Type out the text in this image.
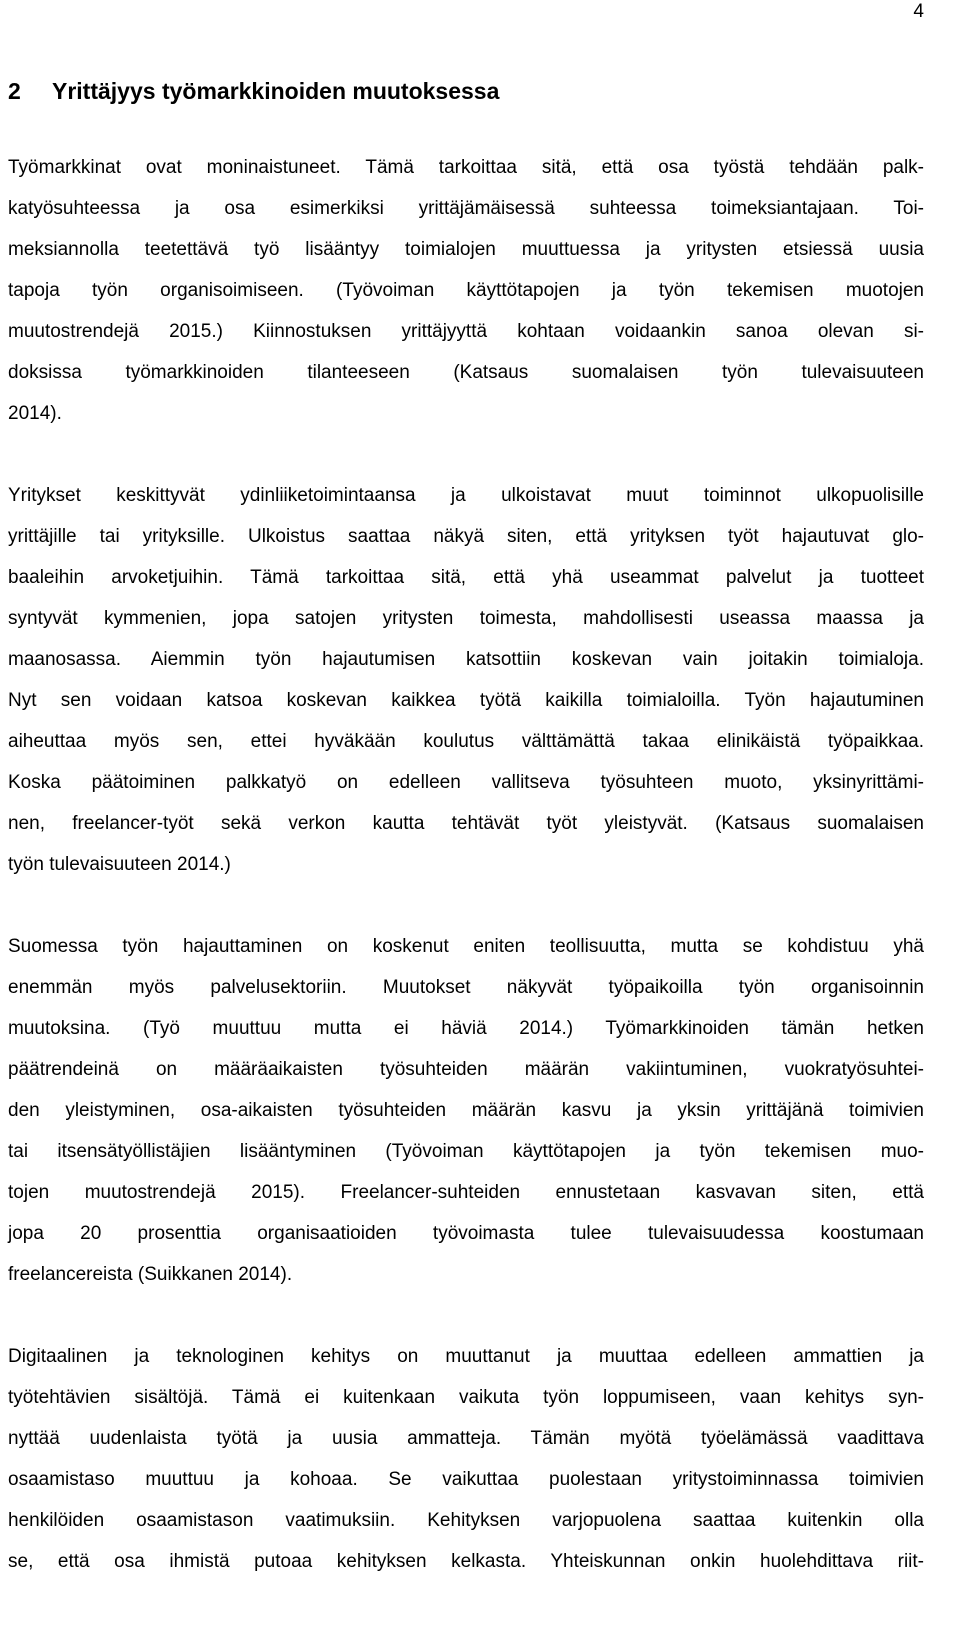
4
2 Yrittäjyys työmarkkinoiden muutoksessa

Työmarkkinat ovat moninaistuneet. Tämä tarkoittaa sitä, että osa työstä tehdään palk-
katyösuhteessa ja osa esimerkiksi yrittäjämäisessä suhteessa toimeksiantajaan. Toi-
meksiannolla teetettävä työ lisääntyy toimialojen muuttuessa ja yritysten etsiessä uusia
tapoja työn organisoimiseen. (Työvoiman käyttötapojen ja työn tekemisen muotojen
muutostrendejä 2015.) Kiinnostuksen yrittäjyyttä kohtaan voidaankin sanoa olevan si-
doksissa työmarkkinoiden tilanteeseen (Katsaus suomalaisen työn tulevaisuuteen
2014).

Yritykset keskittyvät ydinliiketoimintaansa ja ulkoistavat muut toiminnot ulkopuolisille
yrittäjille tai yrityksille. Ulkoistus saattaa näkyä siten, että yrityksen työt hajautuvat glo-
baaleihin arvoketjuihin. Tämä tarkoittaa sitä, että yhä useammat palvelut ja tuotteet
syntyvät kymmenien, jopa satojen yritysten toimesta, mahdollisesti useassa maassa ja
maanosassa. Aiemmin työn hajautumisen katsottiin koskevan vain joitakin toimialoja.
Nyt sen voidaan katsoa koskevan kaikkea työtä kaikilla toimialoilla. Työn hajautuminen
aiheuttaa myös sen, ettei hyväkään koulutus välttämättä takaa elinikäistä työpaikkaa.
Koska päätoiminen palkkatyö on edelleen vallitseva työsuhteen muoto, yksinyrittämi-
nen, freelancer-työt sekä verkon kautta tehtävät työt yleistyvät. (Katsaus suomalaisen
työn tulevaisuuteen 2014.)

Suomessa työn hajauttaminen on koskenut eniten teollisuutta, mutta se kohdistuu yhä
enemmän myös palvelusektoriin. Muutokset näkyvät työpaikoilla työn organisoinnin
muutoksina. (Työ muuttuu mutta ei häviä 2014.) Työmarkkinoiden tämän hetken
päätrendeinä on määräaikaisten työsuhteiden määrän vakiintuminen, vuokratyösuhtei-
den yleistyminen, osa-aikaisten työsuhteiden määrän kasvu ja yksin yrittäjänä toimivien
tai itsensätyöllistäjien lisääntyminen (Työvoiman käyttötapojen ja työn tekemisen muo-
tojen muutostrendejä 2015). Freelancer-suhteiden ennustetaan kasvavan siten, että
jopa 20 prosenttia organisaatioiden työvoimasta tulee tulevaisuudessa koostumaan
freelancereista (Suikkanen 2014).

Digitaalinen ja teknologinen kehitys on muuttanut ja muuttaa edelleen ammattien ja
työtehtävien sisältöjä. Tämä ei kuitenkaan vaikuta työn loppumiseen, vaan kehitys syn-
nyttää uudenlaista työtä ja uusia ammatteja. Tämän myötä työelämässä vaadittava
osaamistaso muuttuu ja kohoaa. Se vaikuttaa puolestaan yritystoiminnassa toimivien
henkilöiden osaamistason vaatimuksiin. Kehityksen varjopuolena saattaa kuitenkin olla
se, että osa ihmistä putoaa kehityksen kelkasta. Yhteiskunnan onkin huolehdittava riit-
